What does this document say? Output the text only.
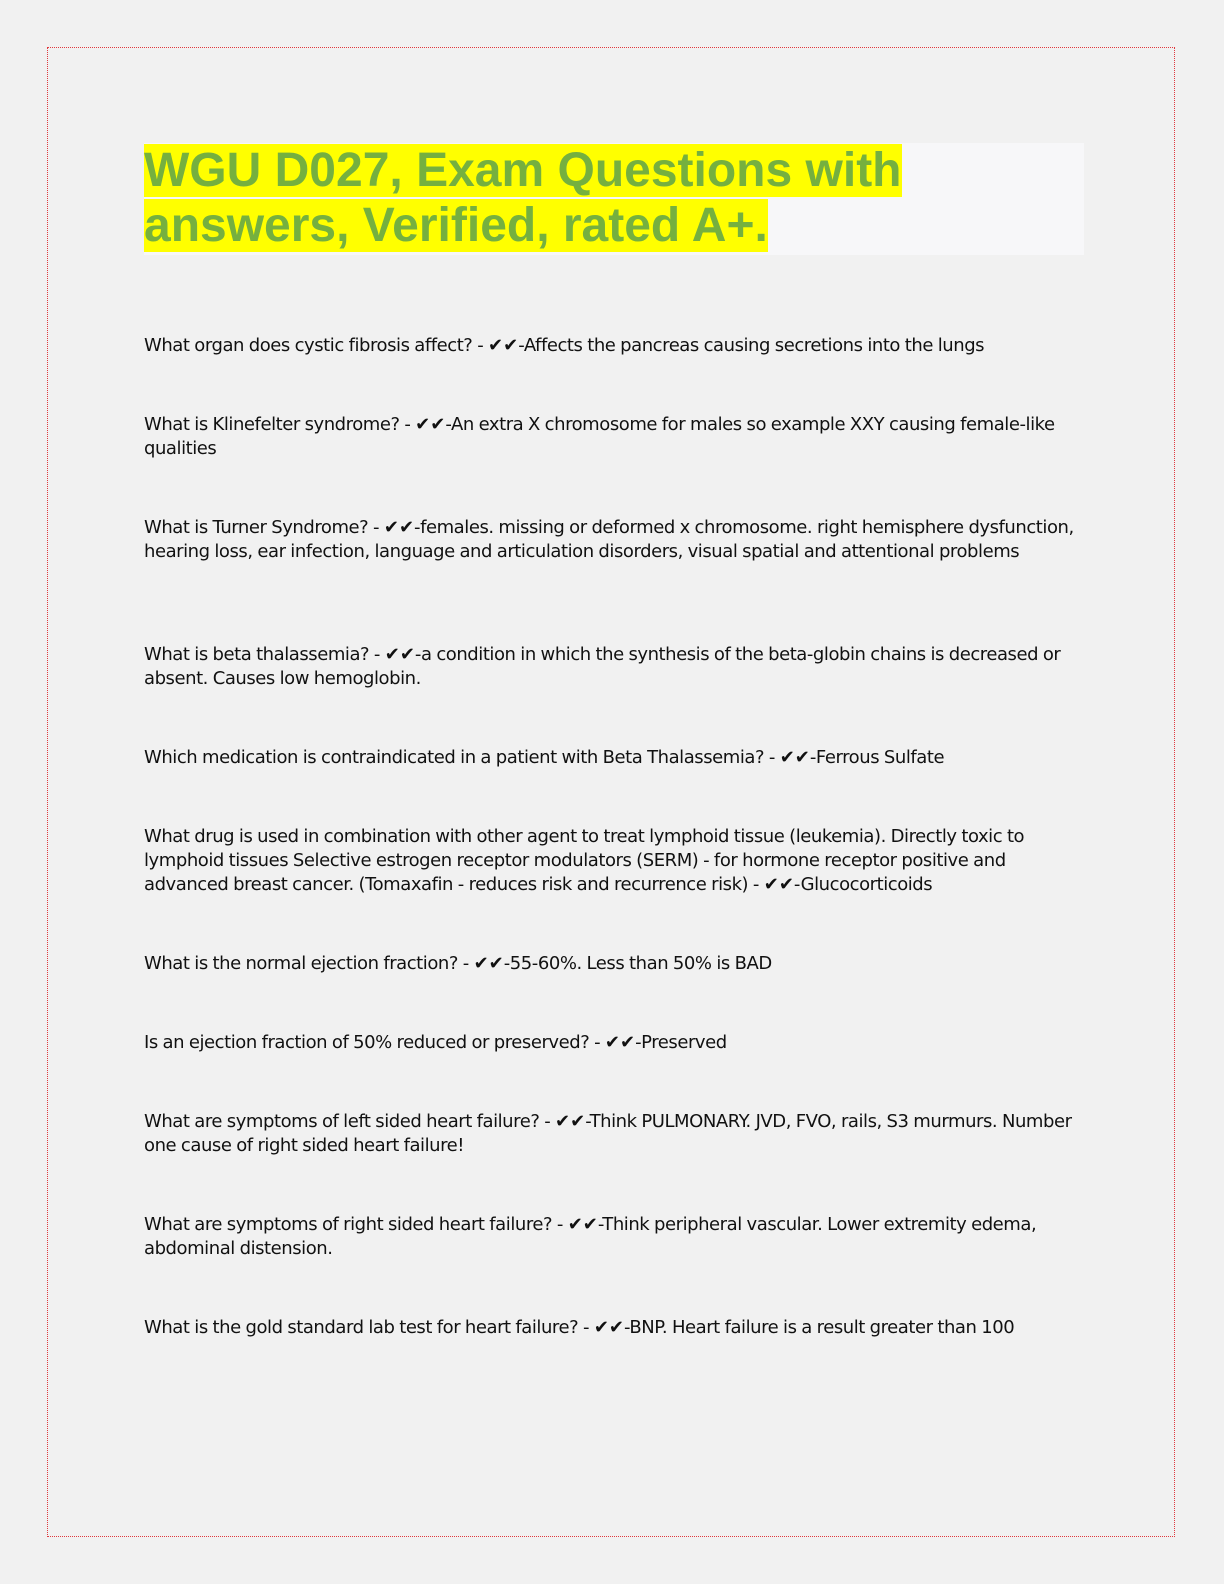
WGU D027, Exam Questions with
answers, Verified, rated A+.
What organ does cystic fibrosis affect? - ✔✔-Affects the pancreas causing secretions into the lungs
What is Klinefelter syndrome? - ✔✔-An extra X chromosome for males so example XXY causing female-like qualities
What is Turner Syndrome? - ✔✔-females. missing or deformed x chromosome. right hemisphere dysfunction, hearing loss, ear infection, language and articulation disorders, visual spatial and attentional problems
What is beta thalassemia? - ✔✔-a condition in which the synthesis of the beta-globin chains is decreased or absent. Causes low hemoglobin.
Which medication is contraindicated in a patient with Beta Thalassemia? - ✔✔-Ferrous Sulfate
What drug is used in combination with other agent to treat lymphoid tissue (leukemia). Directly toxic to lymphoid tissues Selective estrogen receptor modulators (SERM) - for hormone receptor positive and advanced breast cancer. (Tomaxafin - reduces risk and recurrence risk) - ✔✔-Glucocorticoids
What is the normal ejection fraction? - ✔✔-55-60%. Less than 50% is BAD
Is an ejection fraction of 50% reduced or preserved? - ✔✔-Preserved
What are symptoms of left sided heart failure? - ✔✔-Think PULMONARY. JVD, FVO, rails, S3 murmurs. Number one cause of right sided heart failure!
What are symptoms of right sided heart failure? - ✔✔-Think peripheral vascular. Lower extremity edema, abdominal distension.
What is the gold standard lab test for heart failure? - ✔✔-BNP. Heart failure is a result greater than 100
